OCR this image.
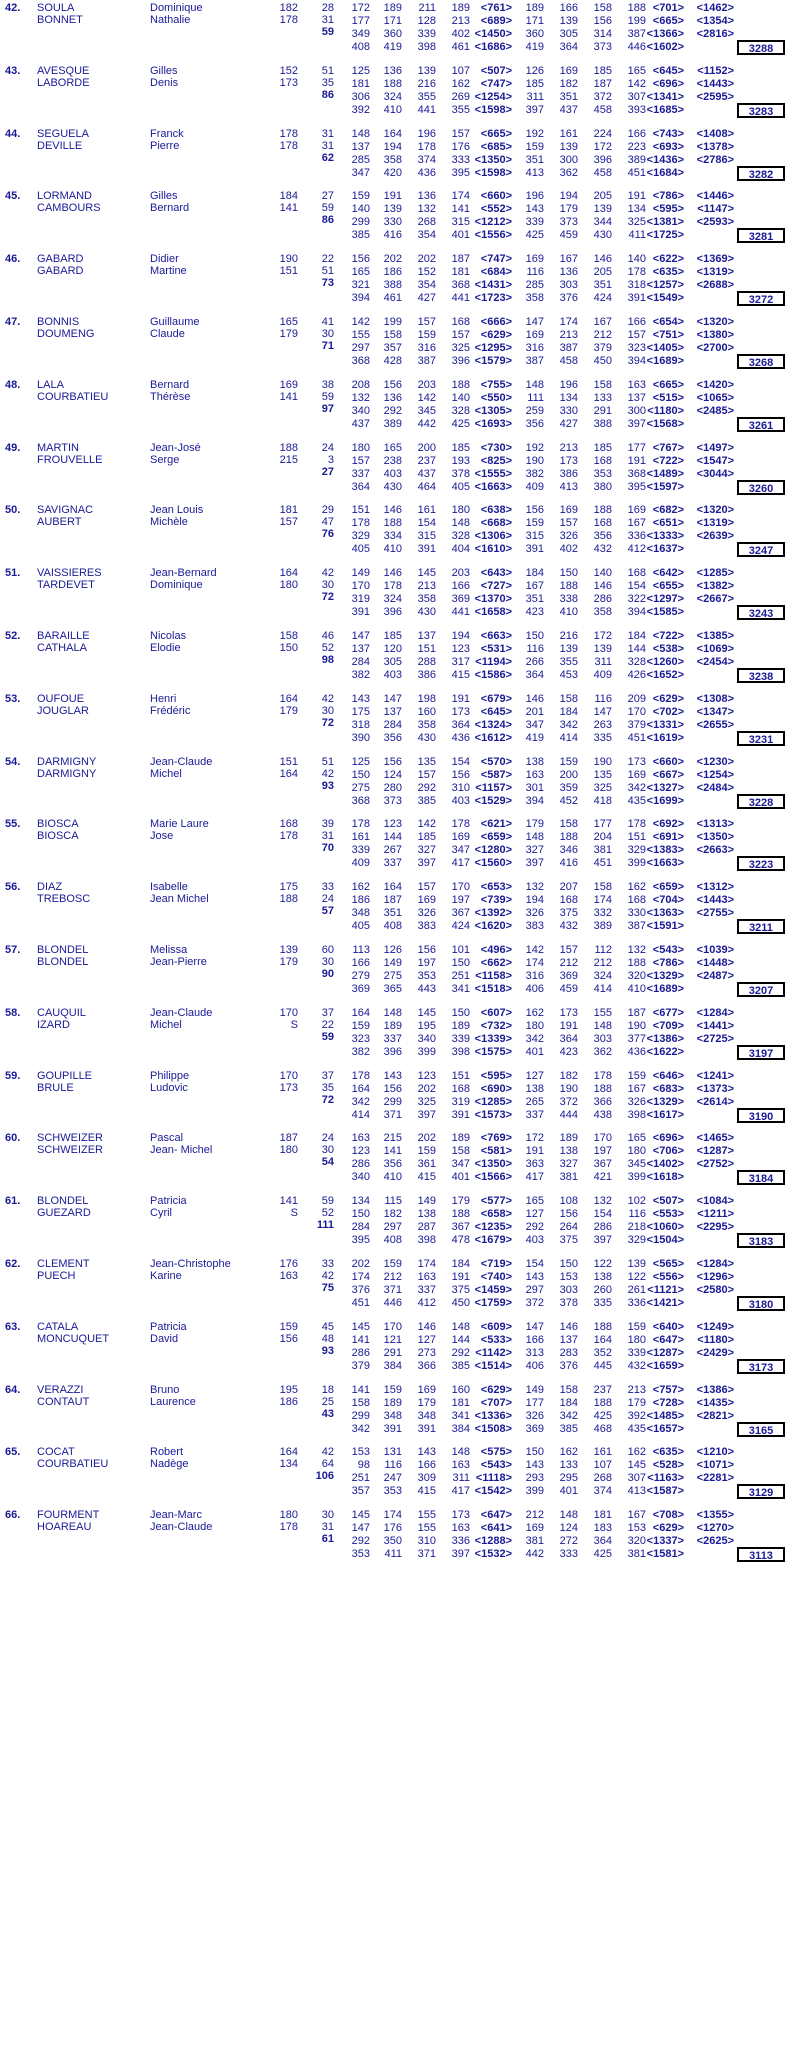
42. SOULA	Dominique	182	28
BONNET	Nathalie	178	31
59
172	189	211	189 <761>	189	166	158	188 <701>	<1462>
177	171	128	213 <689>	171	139	156	199 <665>	<1354>
349	360	339	402 <1450>	360	305	314	387 <1366>	<2816>
408	419	398	461 <1686>	419	364	373	446 <1602>	3288
43. AVESQUE	Gilles	152	51
LABORDE	Denis	173	35
86
125	136	139	107 <507>	126	169	185	165 <645>	<1152>
181	188	216	162 <747>	185	182	187	142 <696>	<1443>
306	324	355	269 <1254>	311	351	372	307 <1341>	<2595>
392	410	441	355 <1598>	397	437	458	393 <1685>	3283
44. SEGUELA	Franck	178	31
DEVILLE	Pierre	178	31
62
148	164	196	157 <665>	192	161	224	166 <743>	<1408>
137	194	178	176 <685>	159	139	172	223 <693>	<1378>
285	358	374	333 <1350>	351	300	396	389 <1436>	<2786>
347	420	436	395 <1598>	413	362	458	451 <1684>	3282
45. LORMAND	Gilles	184	27
CAMBOURS	Bernard	141	59
86
159	191	136	174 <660>	196	194	205	191 <786>	<1446>
140	139	132	141 <552>	143	179	139	134 <595>	<1147>
299	330	268	315 <1212>	339	373	344	325 <1381>	<2593>
385	416	354	401 <1556>	425	459	430	411 <1725>	3281
46. GABARD	Didier	190	22
GABARD	Martine	151	51
73
156	202	202	187 <747>	169	167	146	140 <622>	<1369>
165	186	152	181 <684>	116	136	205	178 <635>	<1319>
321	388	354	368 <1431>	285	303	351	318 <1257>	<2688>
394	461	427	441 <1723>	358	376	424	391 <1549>	3272
47. BONNIS	Guillaume	165	41
DOUMENG	Claude	179	30
71
142	199	157	168 <666>	147	174	167	166 <654>	<1320>
155	158	159	157 <629>	169	213	212	157 <751>	<1380>
297	357	316	325 <1295>	316	387	379	323 <1405>	<2700>
368	428	387	396 <1579>	387	458	450	394 <1689>	3268
48. LALA	Bernard	169	38
COURBATIEU	Thérèse	141	59
97
208	156	203	188 <755>	148	196	158	163 <665>	<1420>
132	136	142	140 <550>	111	134	133	137 <515>	<1065>
340	292	345	328 <1305>	259	330	291	300 <1180>	<2485>
437	389	442	425 <1693>	356	427	388	397 <1568>	3261
49. MARTIN	Jean-José	188	24
FROUVELLE	Serge	215	3
27
180	165	200	185 <730>	192	213	185	177 <767>	<1497>
157	238	237	193 <825>	190	173	168	191 <722>	<1547>
337	403	437	378 <1555>	382	386	353	368 <1489>	<3044>
364	430	464	405 <1663>	409	413	380	395 <1597>	3260
50. SAVIGNAC	Jean Louis	181	29
AUBERT	Michèle	157	47
76
151	146	161	180 <638>	156	169	188	169 <682>	<1320>
178	188	154	148 <668>	159	157	168	167 <651>	<1319>
329	334	315	328 <1306>	315	326	356	336 <1333>	<2639>
405	410	391	404 <1610>	391	402	432	412 <1637>	3247
51. VAISSIERES	Jean-Bernard	164	42
TARDEVET	Dominique	180	30
72
149	146	145	203 <643>	184	150	140	168 <642>	<1285>
170	178	213	166 <727>	167	188	146	154 <655>	<1382>
319	324	358	369 <1370>	351	338	286	322 <1297>	<2667>
391	396	430	441 <1658>	423	410	358	394 <1585>	3243
52. BARAILLE	Nicolas	158	46
CATHALA	Elodie	150	52
98
147	185	137	194 <663>	150	216	172	184 <722>	<1385>
137	120	151	123 <531>	116	139	139	144 <538>	<1069>
284	305	288	317 <1194>	266	355	311	328 <1260>	<2454>
382	403	386	415 <1586>	364	453	409	426 <1652>	3238
53. OUFOUE	Henri	164	42
JOUGLAR	Frédéric	179	30
72
143	147	198	191 <679>	146	158	116	209 <629>	<1308>
175	137	160	173 <645>	201	184	147	170 <702>	<1347>
318	284	358	364 <1324>	347	342	263	379 <1331>	<2655>
390	356	430	436 <1612>	419	414	335	451 <1619>	3231
54. DARMIGNY	Jean-Claude	151	51
DARMIGNY	Michel	164	42
93
125	156	135	154 <570>	138	159	190	173 <660>	<1230>
150	124	157	156 <587>	163	200	135	169 <667>	<1254>
275	280	292	310 <1157>	301	359	325	342 <1327>	<2484>
368	373	385	403 <1529>	394	452	418	435 <1699>	3228
55. BIOSCA	Marie Laure	168	39
BIOSCA	Jose	178	31
70
178	123	142	178 <621>	179	158	177	178 <692>	<1313>
161	144	185	169 <659>	148	188	204	151 <691>	<1350>
339	267	327	347 <1280>	327	346	381	329 <1383>	<2663>
409	337	397	417 <1560>	397	416	451	399 <1663>	3223
56. DIAZ	Isabelle	175	33
TREBOSC	Jean Michel	188	24
57
162	164	157	170 <653>	132	207	158	162 <659>	<1312>
186	187	169	197 <739>	194	168	174	168 <704>	<1443>
348	351	326	367 <1392>	326	375	332	330 <1363>	<2755>
405	408	383	424 <1620>	383	432	389	387 <1591>	3211
57. BLONDEL	Melissa	139	60
BLONDEL	Jean-Pierre	179	30
90
113	126	156	101 <496>	142	157	112	132 <543>	<1039>
166	149	197	150 <662>	174	212	212	188 <786>	<1448>
279	275	353	251 <1158>	316	369	324	320 <1329>	<2487>
369	365	443	341 <1518>	406	459	414	410 <1689>	3207
58. CAUQUIL	Jean-Claude	170	37
IZARD	Michel	S	22
59
164	148	145	150 <607>	162	173	155	187 <677>	<1284>
159	189	195	189 <732>	180	191	148	190 <709>	<1441>
323	337	340	339 <1339>	342	364	303	377 <1386>	<2725>
382	396	399	398 <1575>	401	423	362	436 <1622>	3197
59. GOUPILLE	Philippe	170	37
BRULE	Ludovic	173	35
72
178	143	123	151 <595>	127	182	178	159 <646>	<1241>
164	156	202	168 <690>	138	190	188	167 <683>	<1373>
342	299	325	319 <1285>	265	372	366	326 <1329>	<2614>
414	371	397	391 <1573>	337	444	438	398 <1617>	3190
60. SCHWEIZER	Pascal	187	24
SCHWEIZER	Jean- Michel	180	30
54
163	215	202	189 <769>	172	189	170	165 <696>	<1465>
123	141	159	158 <581>	191	138	197	180 <706>	<1287>
286	356	361	347 <1350>	363	327	367	345 <1402>	<2752>
340	410	415	401 <1566>	417	381	421	399 <1618>	3184
61. BLONDEL	Patricia	141	59
GUEZARD	Cyril	S	52
111
134	115	149	179 <577>	165	108	132	102 <507>	<1084>
150	182	138	188 <658>	127	156	154	116 <553>	<1211>
284	297	287	367 <1235>	292	264	286	218 <1060>	<2295>
395	408	398	478 <1679>	403	375	397	329 <1504>	3183
62. CLEMENT	Jean-Christophe	176	33
PUECH	Karine	163	42
75
202	159	174	184 <719>	154	150	122	139 <565>	<1284>
174	212	163	191 <740>	143	153	138	122 <556>	<1296>
376	371	337	375 <1459>	297	303	260	261 <1121>	<2580>
451	446	412	450 <1759>	372	378	335	336 <1421>	3180
63. CATALA	Patricia	159	45
MONCUQUET	David	156	48
93
145	170	146	148 <609>	147	146	188	159 <640>	<1249>
141	121	127	144 <533>	166	137	164	180 <647>	<1180>
286	291	273	292 <1142>	313	283	352	339 <1287>	<2429>
379	384	366	385 <1514>	406	376	445	432 <1659>	3173
64. VERAZZI	Bruno	195	18
CONTAUT	Laurence	186	25
43
141	159	169	160 <629>	149	158	237	213 <757>	<1386>
158	189	179	181 <707>	177	184	188	179 <728>	<1435>
299	348	348	341 <1336>	326	342	425	392 <1485>	<2821>
342	391	391	384 <1508>	369	385	468	435 <1657>	3165
65. COCAT	Robert	164	42
COURBATIEU	Nadège	134	64
106
153	131	143	148 <575>	150	162	161	162 <635>	<1210>
98	116	166	163 <543>	143	133	107	145 <528>	<1071>
251	247	309	311 <1118>	293	295	268	307 <1163>	<2281>
357	353	415	417 <1542>	399	401	374	413 <1587>	3129
66. FOURMENT	Jean-Marc	180	30
HOAREAU	Jean-Claude	178	31
61
145	174	155	173 <647>	212	148	181	167 <708>	<1355>
147	176	155	163 <641>	169	124	183	153 <629>	<1270>
292	350	310	336 <1288>	381	272	364	320 <1337>	<2625>
353	411	371	397 <1532>	442	333	425	381 <1581>	3113
